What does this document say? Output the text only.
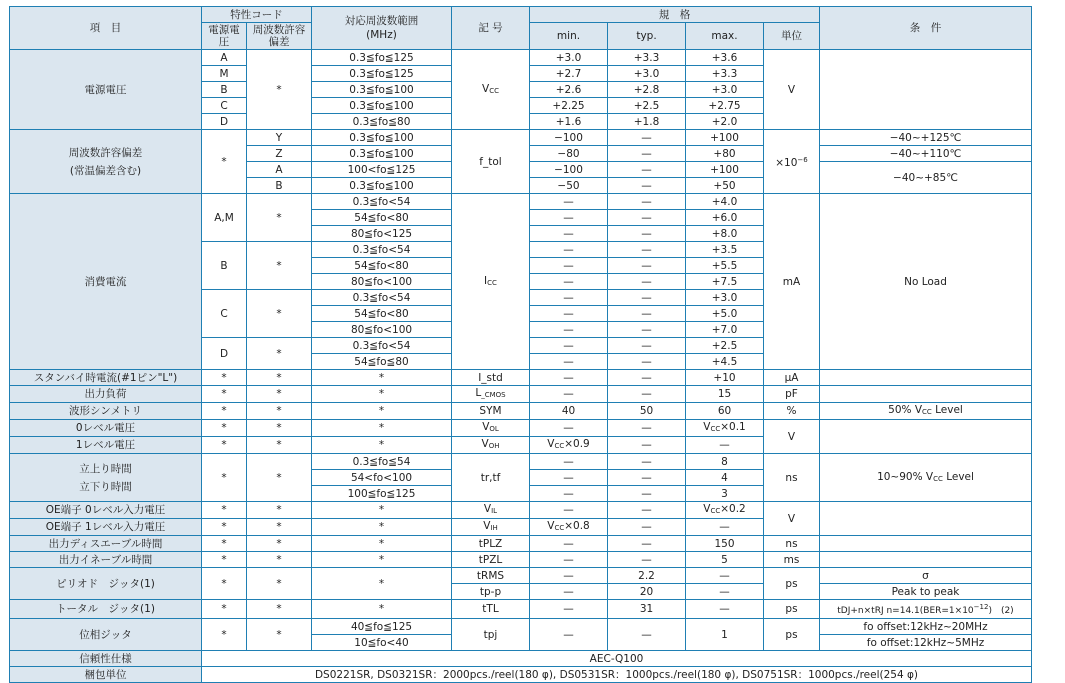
項　目	特性コード		対応周波数範囲
(MHz)	記 号	規　格				条　件
	電源電圧	周波数許容偏差			min.	typ.	max.	単位	
電源電圧	A	*	0.3≦fo≦125	$V_{CC}$	+3.0	+3.3	+3.6	V	
	M		0.3≦fo≦125		+2.7	+3.0	+3.3		
	B		0.3≦fo≦100		+2.6	+2.8	+3.0		
	C		0.3≦fo≦100		+2.25	+2.5	+2.75		
	D		0.3≦fo≦80		+1.6	+1.8	+2.0		

周波数許容偏差
(常温偏差含む)	*	Y	0.3≦fo≦100	f_tol	−100	—	+100	$\times 10^{-6}$	−40~+125℃
		Z	0.3≦fo≦100		−80	—	+80		−40~+110℃
		A	100<fo≦125		−100	—	+100		−40~+85℃
		B	0.3≦fo≦100		−50	—	+50		
消費電流	A,M	*	0.3≦fo<54	$I_{CC}$	—	—	+4.0	mA	No Load
			54≦fo<80		—	—	+6.0		
			80≦fo<125		—	—	+8.0		
	B	*	0.3≦fo<54		—	—	+3.5		
			54≦fo<80		—	—	+5.5		
			80≦fo<100		—	—	+7.5		
	C	*	0.3≦fo<54		—	—	+3.0		
			54≦fo<80		—	—	+5.0		
			80≦fo<100		—	—	+7.0		
	D	*	0.3≦fo<54		—	—	+2.5		
			54≦fo≦80		—	—	+4.5		
スタンバイ時電流(#1ピン"L")	*	*	*	I_std	—	—	+10	μA	
出力負荷	*	*	*	$L_{\_CMOS}$	—	—	15	pF	
波形シンメトリ	*	*	*	SYM	40	50	60	%	50% $V_{CC}$ Level
0レベル電圧	*	*	*	$V_{OL}$	—	—	$V_{CC}\times 0.1$	V	
1レベル電圧	*	*	*	$V_{OH}$	$V_{CC}\times 0.9$	—	—		

立上り時間
立下り時間	*	*	0.3≦fo≦54	tr,tf	—	—	8	ns	10~90% $V_{CC}$ Level
			54<fo<100		—	—	4		
			100≦fo≦125		—	—	3		
OE端子 0レベル入力電圧	*	*	*	$V_{IL}$	—	—	$V_{CC}\times 0.2$	V	
OE端子 1レベル入力電圧	*	*	*	$V_{IH}$	$V_{CC}\times 0.8$	—	—		
出力ディスエーブル時間	*	*	*	tPLZ	—	—	150	ns	
出力イネーブル時間	*	*	*	tPZL	—	—	5	ms	
ピリオド　ジッタ(1)	*	*	*	tRMS	—	2.2	—	ps	σ
				tp-p	—	20	—		Peak to peak
トータル　ジッタ(1)	*	*	*	tTL	—	31	—	ps	tDJ+n×tRJ $n=14.1(BER=1\times 10^{-12})$　(2)
位相ジッタ	*	*	40≦fo≦125	tpj	—	—	1	ps	fo offset:12kHz~20MHz
			10≦fo<40						fo offset:12kHz~5MHz
信頼性仕様	AEC-Q100								
梱包単位	DS0221SR, DS0321SR：2000pcs./reel(180 φ), DS0531SR：1000pcs./reel(180 φ), DS0751SR：1000pcs./reel(254 φ)								
